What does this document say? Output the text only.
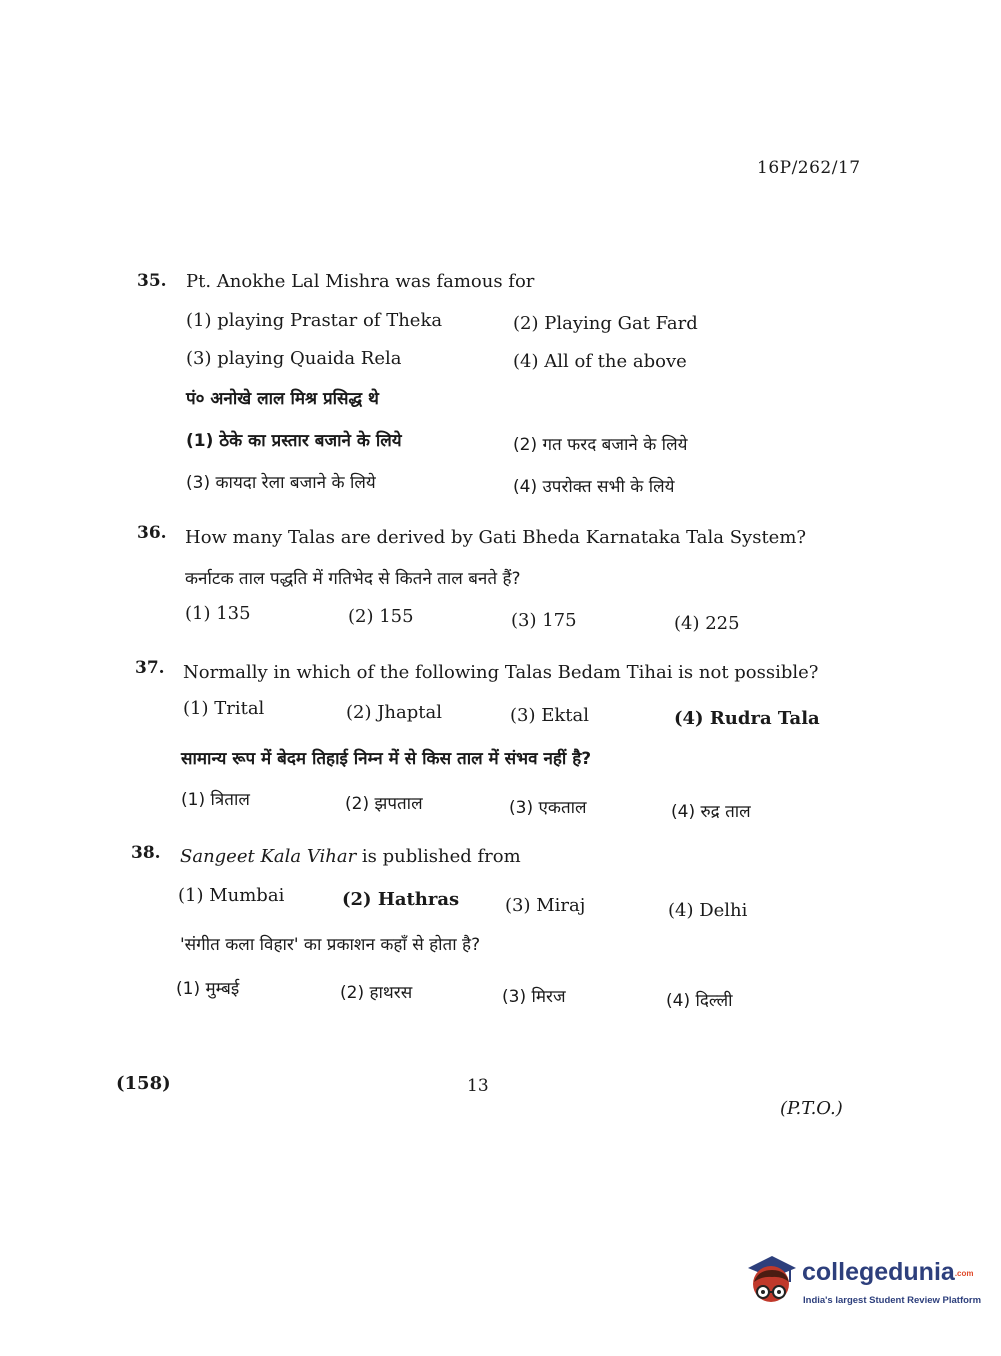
16P/262/17
35. Pt. Anokhe Lal Mishra was famous for
(1) playing Prastar of Theka	(2) Playing Gat Fard
(3) playing Quaida Rela	(4) All of the above
पं० अनोखे लाल मिश्र प्रसिद्ध थे
(1) ठेके का प्रस्तार बजाने के लिये	(2) गत फरद बजाने के लिये
(3) कायदा रेला बजाने के लिये	(4) उपरोक्त सभी के लिये
36. How many Talas are derived by Gati Bheda Karnataka Tala System?
कर्नाटक ताल पद्धति में गतिभेद से कितने ताल बनते हैं?
(1) 135	(2) 155	(3) 175	(4) 225
37. Normally in which of the following Talas Bedam Tihai is not possible?
(1) Trital	(2) Jhaptal	(3) Ektal	(4) Rudra Tala
सामान्य रूप में बेदम तिहाई निम्न में से किस ताल में संभव नहीं है?
(1) त्रिताल	(2) झपताल	(3) एकताल	(4) रुद्र ताल
38. Sangeet Kala Vihar is published from
(1) Mumbai	(2) Hathras	(3) Miraj	(4) Delhi
'संगीत कला विहार' का प्रकाशन कहाँ से होता है?
(1) मुम्बई	(2) हाथरस	(3) मिरज	(4) दिल्ली
(158)	13
(P.T.O.)
collegedunia.com
India's largest Student Review Platform
